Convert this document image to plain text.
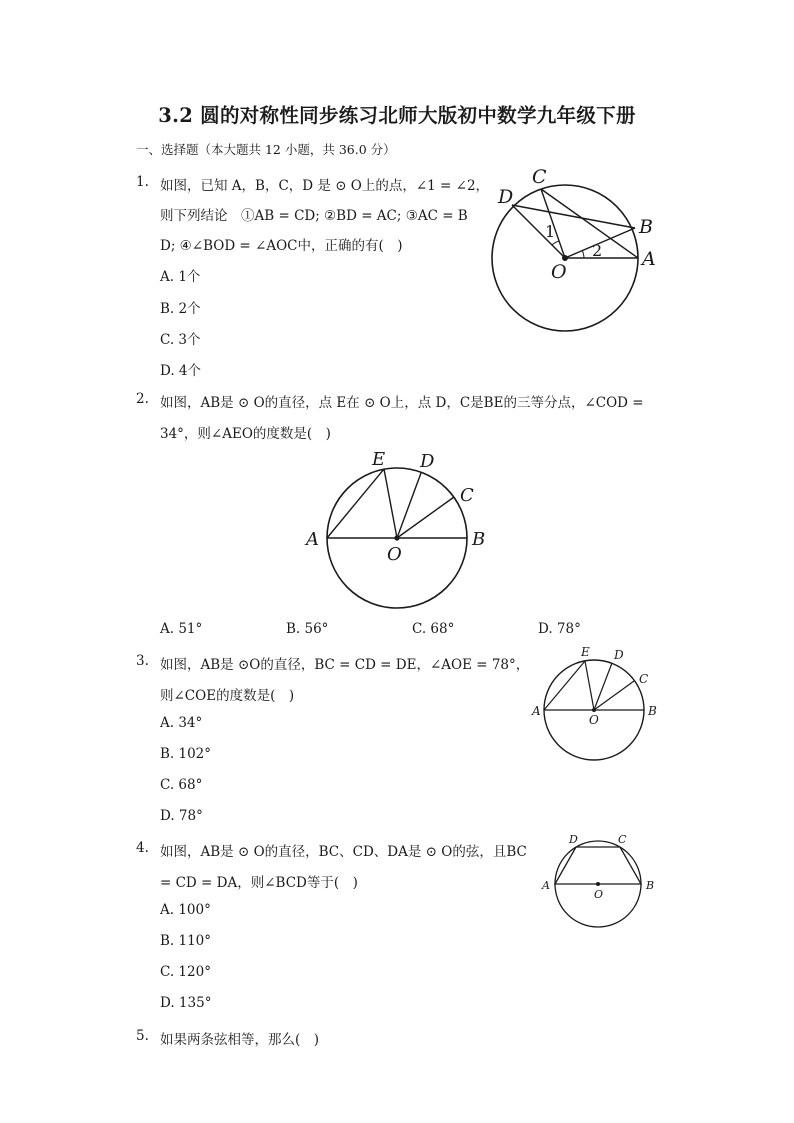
3.2 圆的对称性同步练习北师大版初中数学九年级下册
一、选择题（本大题共 12 小题，共 36.0 分）
1. 如图，已知 A，B，C，D 是 ⊙ O上的点，∠1 = ∠2，
则下列结论　①AB = CD; ②BD = AC; ③AC = B
D; ④∠BOD = ∠AOC中，正确的有(　)
A. 1个
B. 2个
C. 3个
D. 4个
D
C
B
A
O
1
2
2. 如图，AB是 ⊙ O的直径，点 E在 ⊙ O上，点 D，C是BE的三等分点，∠COD =
34°，则∠AEO的度数是(　)
E D
C
A	B
O
A. 51°	B. 56°	C. 68°	D. 78°
3. 如图，AB是 ⊙O的直径，BC = CD = DE，∠AOE = 78°，
则∠COE的度数是(　)
A. 34°
B. 102°
C. 68°
D. 78°
E D
C
A	B
O
4. 如图，AB是 ⊙ O的直径，BC、CD、DA是 ⊙ O的弦，且BC
= CD = DA，则∠BCD等于(　)
A. 100°
B. 110°
C. 120°
D. 135°
D	C
A	B
O
5. 如果两条弦相等，那么(　)
